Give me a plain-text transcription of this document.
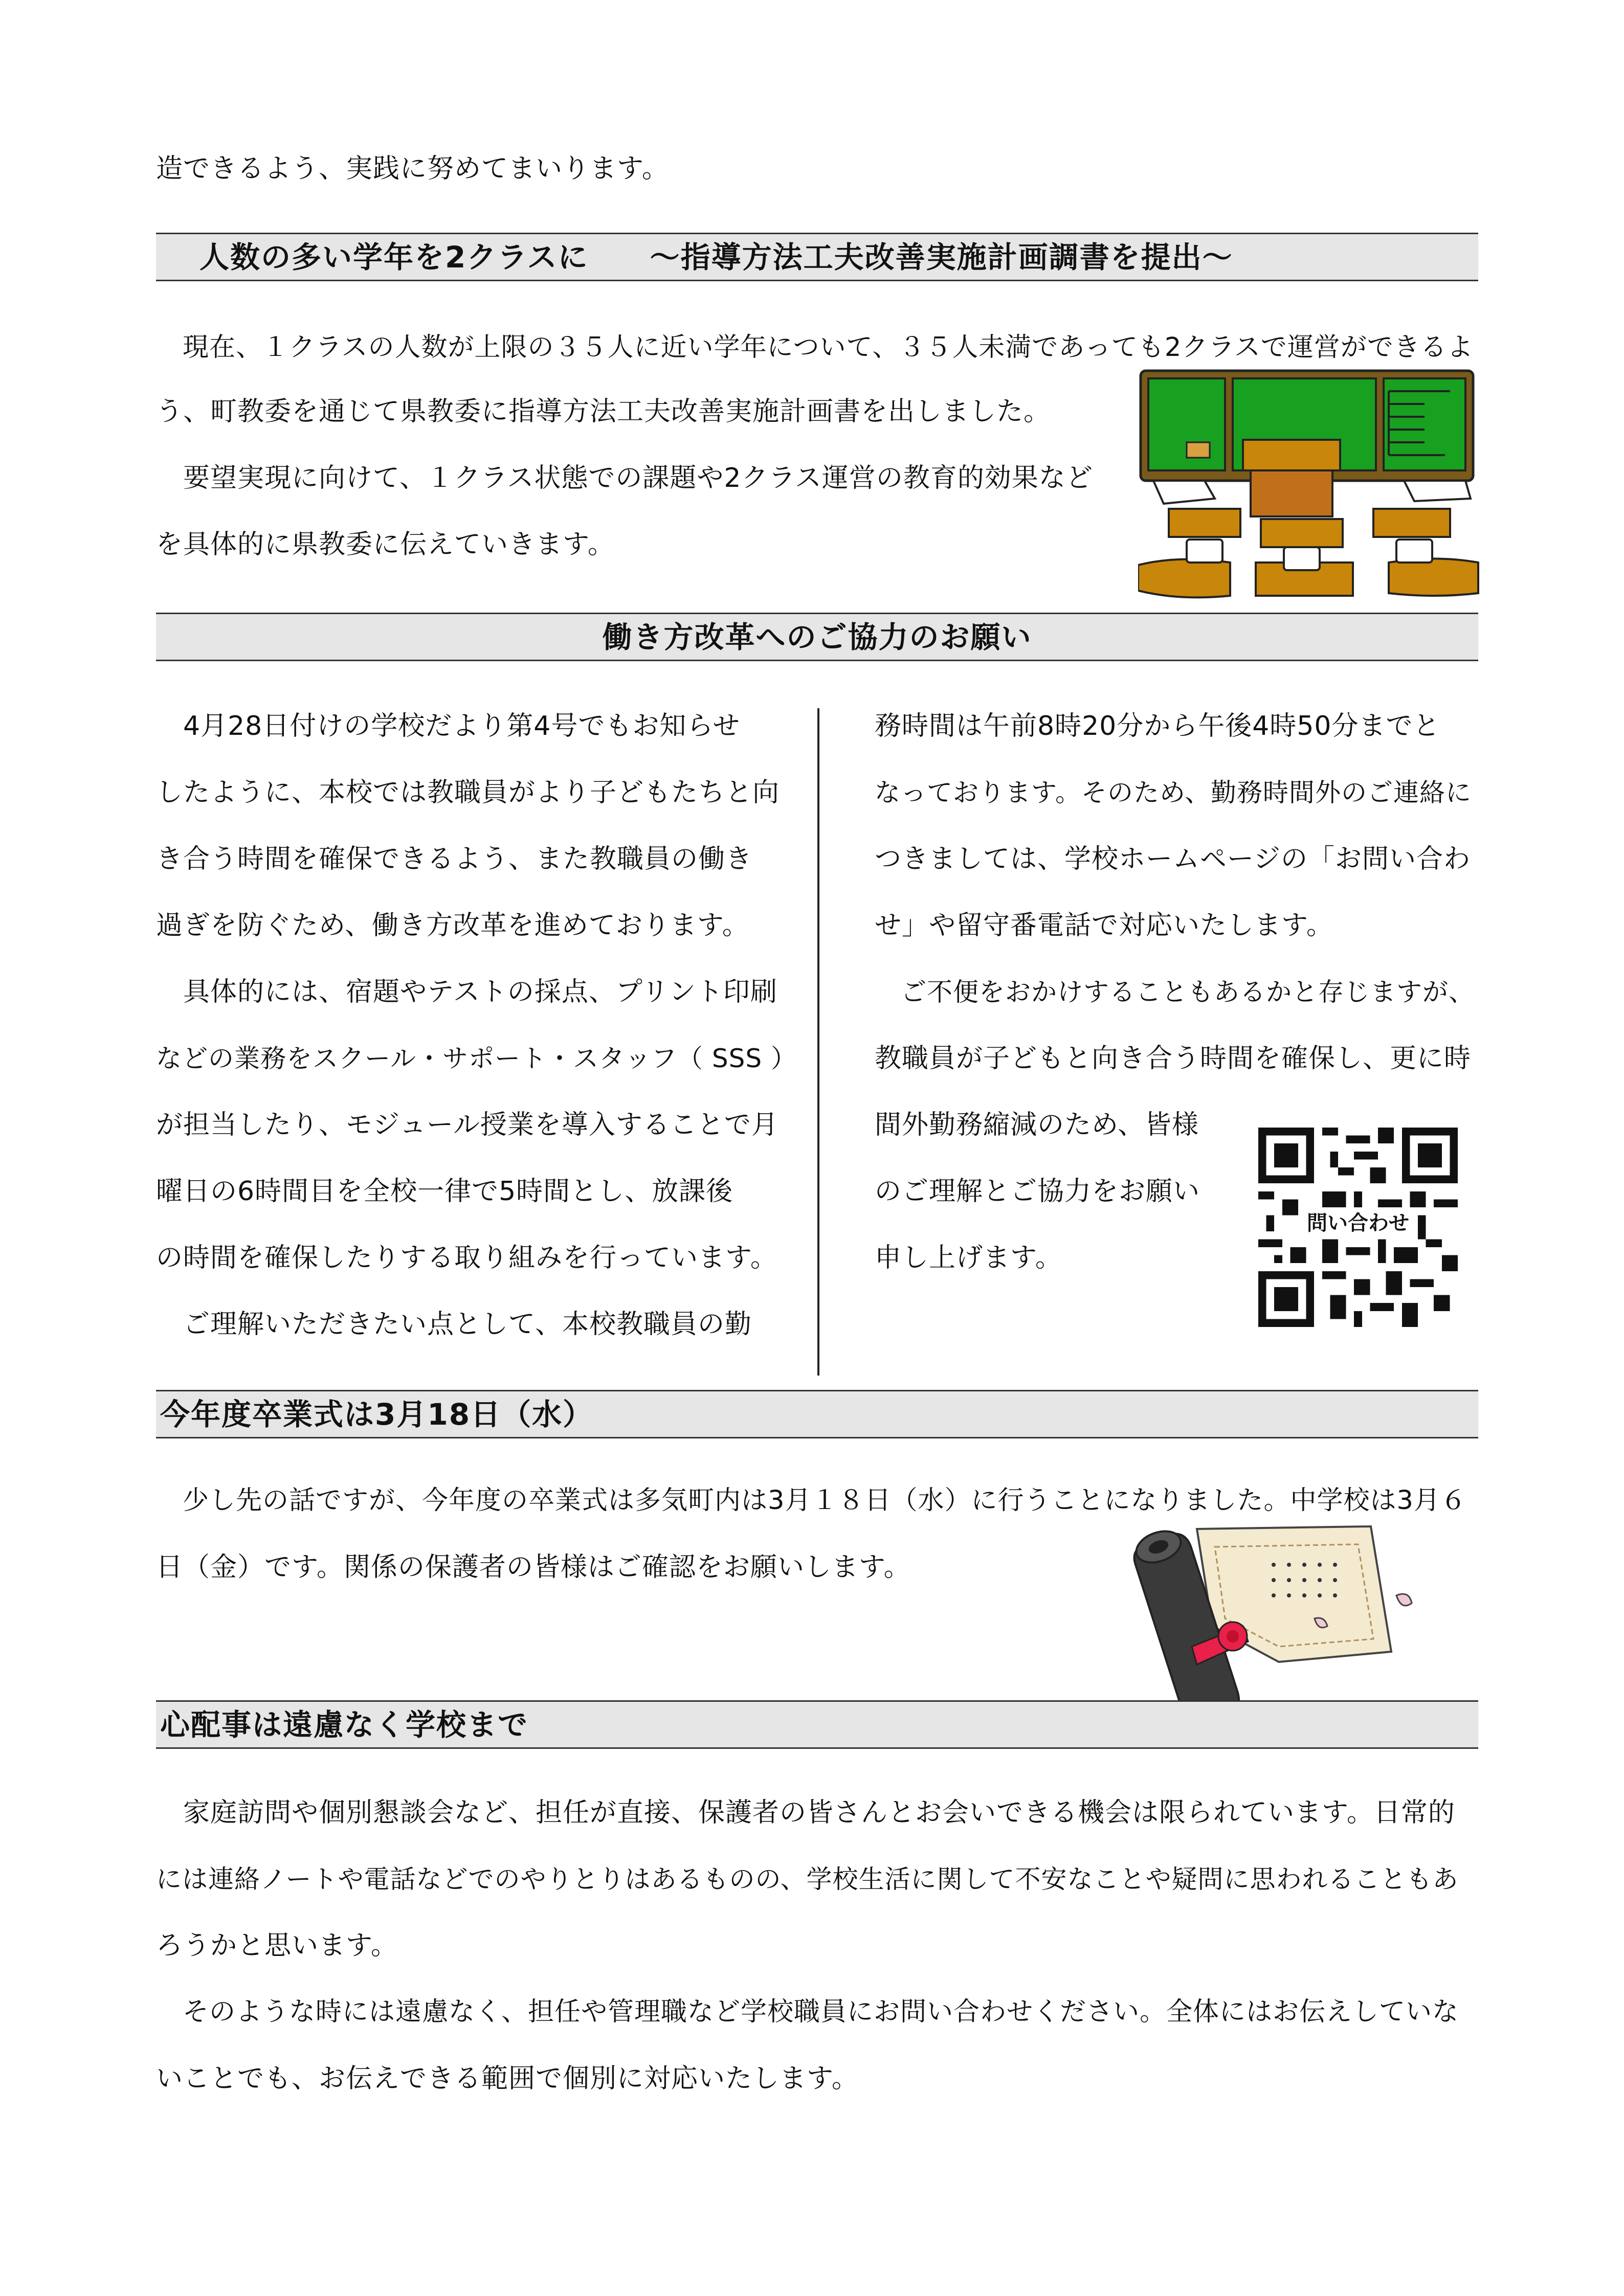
造できるよう、実践に努めてまいります。
人数の多い学年を2クラスに　　～指導方法工夫改善実施計画調書を提出～
　現在、１クラスの人数が上限の３５人に近い学年について、３５人未満であっても2クラスで運営ができるよ
う、町教委を通じて県教委に指導方法工夫改善実施計画書を出しました。
　要望実現に向けて、１クラス状態での課題や2クラス運営の教育的効果など
を具体的に県教委に伝えていきます。
働き方改革へのご協力のお願い
　4月28日付けの学校だより第4号でもお知らせ
したように、本校では教職員がより子どもたちと向
き合う時間を確保できるよう、また教職員の働き
過ぎを防ぐため、働き方改革を進めております。
　具体的には、宿題やテストの採点、プリント印刷
などの業務をスクール・サポート・スタッフ（ SSS ）
が担当したり、モジュール授業を導入することで月
曜日の6時間目を全校一律で5時間とし、放課後
の時間を確保したりする取り組みを行っています。
　ご理解いただきたい点として、本校教職員の勤
務時間は午前8時20分から午後4時50分までと
なっております。そのため、勤務時間外のご連絡に
つきましては、学校ホームページの「お問い合わ
せ」や留守番電話で対応いたします。
　ご不便をおかけすることもあるかと存じますが、
教職員が子どもと向き合う時間を確保し、更に時
間外勤務縮減のため、皆様
のご理解とご協力をお願い
申し上げます。
問い合わせ
今年度卒業式は3月18日（水）
　少し先の話ですが、今年度の卒業式は多気町内は3月１８日（水）に行うことになりました。中学校は3月６
日（金）です。関係の保護者の皆様はご確認をお願いします。
心配事は遠慮なく学校まで
　家庭訪問や個別懇談会など、担任が直接、保護者の皆さんとお会いできる機会は限られています。日常的
には連絡ノートや電話などでのやりとりはあるものの、学校生活に関して不安なことや疑問に思われることもあ
ろうかと思います。
　そのような時には遠慮なく、担任や管理職など学校職員にお問い合わせください。全体にはお伝えしていな
いことでも、お伝えできる範囲で個別に対応いたします。
